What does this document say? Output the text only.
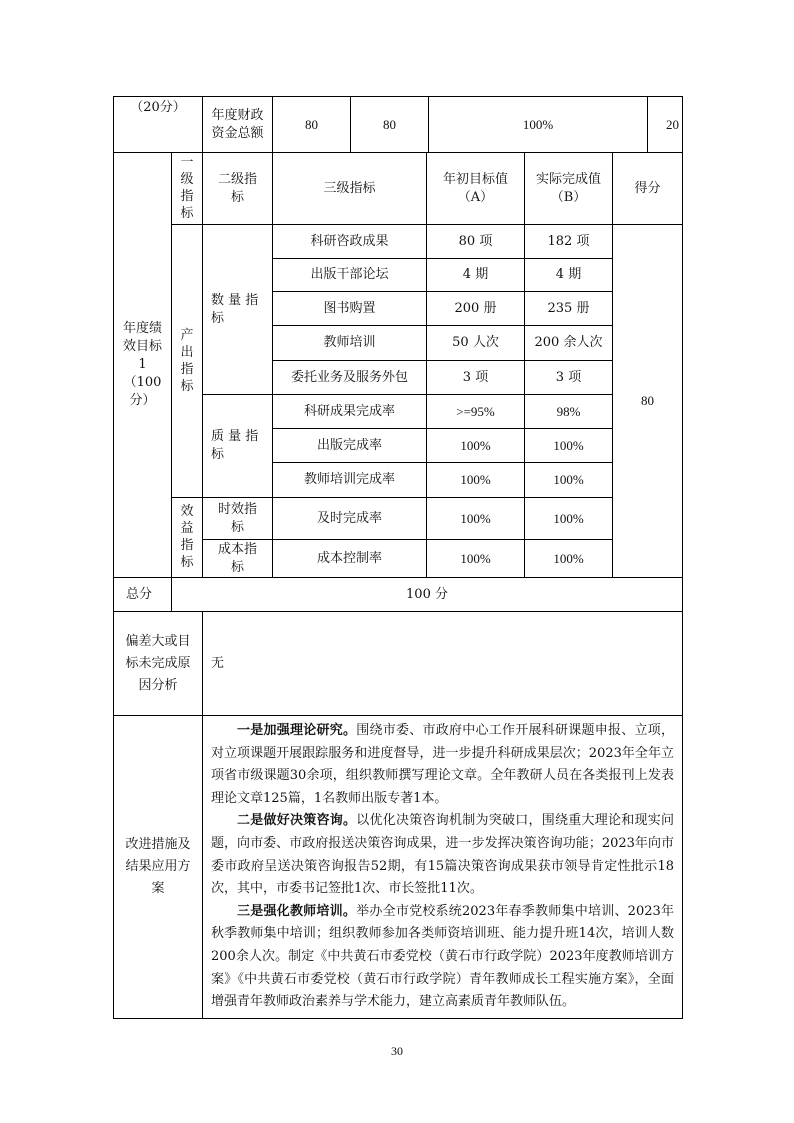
（20分）	年度财政资金总额	80	80	100%	20
年度绩效目标1（100分）	一级指标	二级指标	三级指标	年初目标值（A）	实际完成值（B）	得分
	产出指标	数 量 指 标	科研咨政成果	80 项	182 项	80
			出版干部论坛	4 期	4 期	
			图书购置	200 册	235 册	
			教师培训	50 人次	200 余人次	
			委托业务及服务外包	3 项	3 项	
		质 量 指 标	科研成果完成率	>=95%	98%	
			出版完成率	100%	100%	
			教师培训完成率	100%	100%	
	效益指标	时效指标	及时完成率	100%	100%	
		成本指标	成本控制率	100%	100%	
总分	100 分
偏差大或目标未完成原因分析	无
改进措施及结果应用方案	一是加强理论研究。围绕市委、市政府中心工作开展科研课题申报、立项，对立项课题开展跟踪服务和进度督导，进一步提升科研成果层次；2023年全年立项省市级课题30余项，组织教师撰写理论文章。全年教研人员在各类报刊上发表理论文章125篇，1名教师出版专著1本。

二是做好决策咨询。以优化决策咨询机制为突破口，围绕重大理论和现实问题，向市委、市政府报送决策咨询成果，进一步发挥决策咨询功能；2023年向市委市政府呈送决策咨询报告52期，有15篇决策咨询成果获市领导肯定性批示18次，其中，市委书记签批1次、市长签批11次。

三是强化教师培训。举办全市党校系统2023年春季教师集中培训、2023年秋季教师集中培训；组织教师参加各类师资培训班、能力提升班14次，培训人数200余人次。制定《中共黄石市委党校（黄石市行政学院）2023年度教师培训方案》《中共黄石市委党校（黄石市行政学院）青年教师成长工程实施方案》，全面增强青年教师政治素养与学术能力，建立高素质青年教师队伍。

30
